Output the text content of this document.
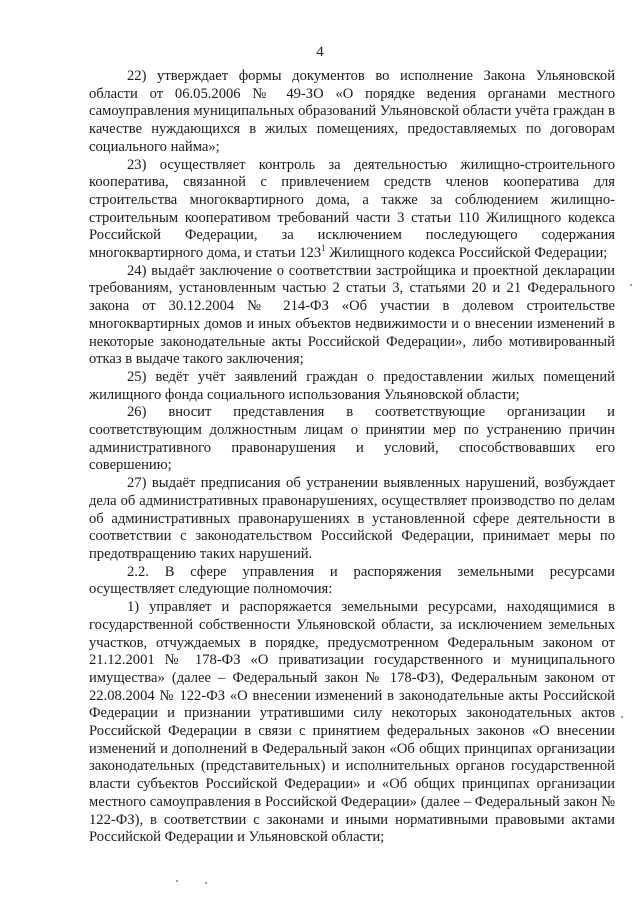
4

22) утверждает формы документов во исполнение Закона Ульяновской области от 06.05.2006 № 49-ЗО «О порядке ведения органами местного самоуправления муниципальных образований Ульяновской области учёта граждан в качестве нуждающихся в жилых помещениях, предоставляемых по договорам социального найма»;

23) осуществляет контроль за деятельностью жилищно-строительного кооператива, связанной с привлечением средств членов кооператива для строительства многоквартирного дома, а также за соблюдением жилищно-строительным кооперативом требований части 3 статьи 110 Жилищного кодекса Российской Федерации, за исключением последующего содержания многоквартирного дома, и статьи $123^1$ Жилищного кодекса Российской Федерации;

24) выдаёт заключение о соответствии застройщика и проектной декларации требованиям, установленным частью 2 статьи 3, статьями 20 и 21 Федерального закона от 30.12.2004 № 214-ФЗ «Об участии в долевом строительстве многоквартирных домов и иных объектов недвижимости и о внесении изменений в некоторые законодательные акты Российской Федерации», либо мотивированный отказ в выдаче такого заключения;

25) ведёт учёт заявлений граждан о предоставлении жилых помещений жилищного фонда социального использования Ульяновской области;

26) вносит представления в соответствующие организации и соответствующим должностным лицам о принятии мер по устранению причин административного правонарушения и условий, способствовавших его совершению;

27) выдаёт предписания об устранении выявленных нарушений, возбуждает дела об административных правонарушениях, осуществляет производство по делам об административных правонарушениях в установленной сфере деятельности в соответствии с законодательством Российской Федерации, принимает меры по предотвращению таких нарушений.

2.2. В сфере управления и распоряжения земельными ресурсами осуществляет следующие полномочия:

1) управляет и распоряжается земельными ресурсами, находящимися в государственной собственности Ульяновской области, за исключением земельных участков, отчуждаемых в порядке, предусмотренном Федеральным законом от 21.12.2001 № 178-ФЗ «О приватизации государственного и муниципального имущества» (далее – Федеральный закон № 178-ФЗ), Федеральным законом от 22.08.2004 № 122-ФЗ «О внесении изменений в законодательные акты Российской Федерации и признании утратившими силу некоторых законодательных актов Российской Федерации в связи с принятием федеральных законов «О внесении изменений и дополнений в Федеральный закон «Об общих принципах организации законодательных (представительных) и исполнительных органов государственной власти субъектов Российской Федерации» и «Об общих принципах организации местного самоуправления в Российской Федерации» (далее – Федеральный закон № 122-ФЗ), в соответствии с законами и иными нормативными правовыми актами Российской Федерации и Ульяновской области;
